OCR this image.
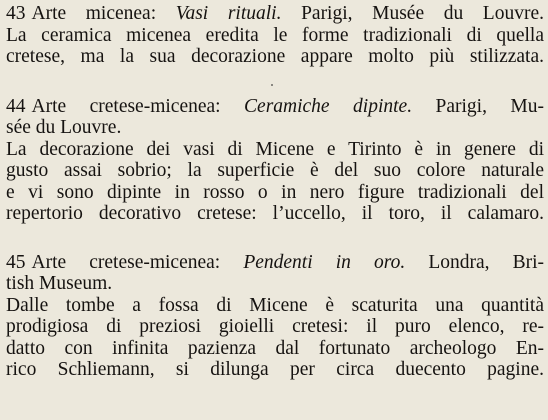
43 Arte micenea: Vasi rituali. Parigi, Musée du Louvre.
La ceramica micenea eredita le forme tradizionali di quella
cretese, ma la sua decorazione appare molto più stilizzata.
44 Arte cretese-micenea: Ceramiche dipinte. Parigi, Mu-
sée du Louvre.
La decorazione dei vasi di Micene e Tirinto è in genere di
gusto assai sobrio; la superficie è del suo colore naturale
e vi sono dipinte in rosso o in nero figure tradizionali del
repertorio decorativo cretese: l’uccello, il toro, il calamaro.
45 Arte cretese-micenea: Pendenti in oro. Londra, Bri-
tish Museum.
Dalle tombe a fossa di Micene è scaturita una quantità
prodigiosa di preziosi gioielli cretesi: il puro elenco, re-
datto con infinita pazienza dal fortunato archeologo En-
rico Schliemann, si dilunga per circa duecento pagine.
